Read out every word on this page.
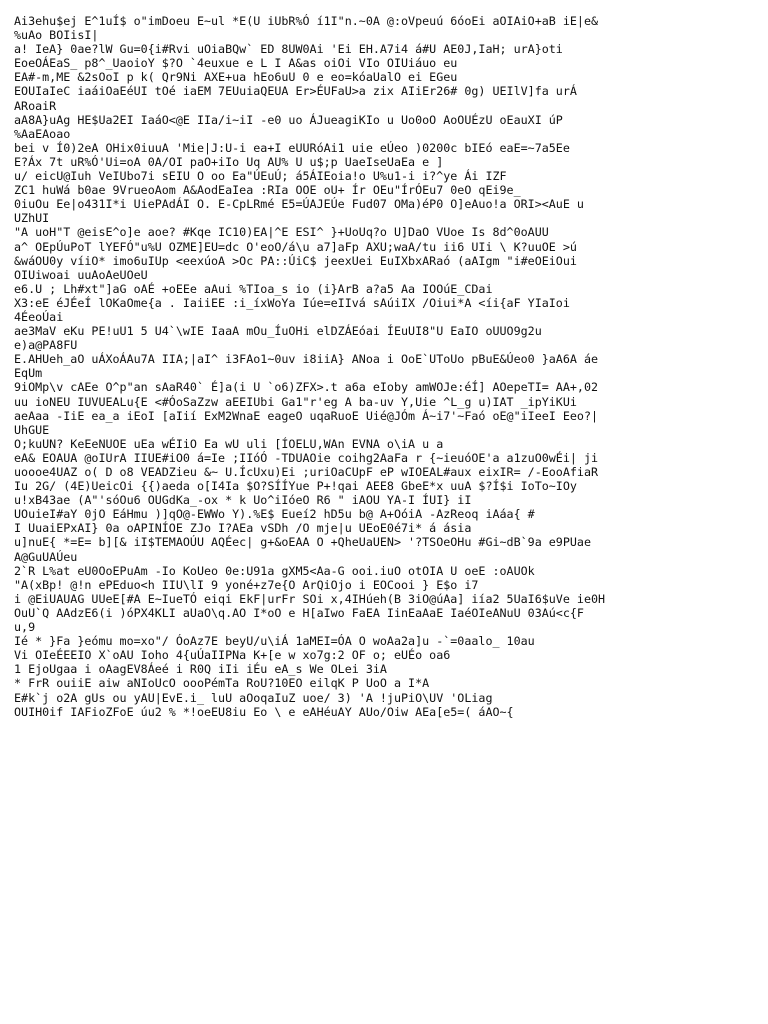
Ai3ehu$ej E^1uÍ$ o"imDoeu E~ul *E(U iUbR%Ó í1I"n.~0A @:oVpeuú 6óoEi aOIAiO+aB iE|e&
%uAo BOIisI|
a! IeA} 0ae?lW Gu=0{i#Rvi uOiaBQw` ED 8UW0Ai 'Ei EH.A7i4 á#U AE0J,IaH; urA}oti
EoeOÁEaS_ p8^_UaoioY $?O `4euxue e L I A&as oiOi VIo OIUiáuo eu
EA#-m,ME &2sOoI p k( Qr9Ni AXE+ua hEo6uU 0 e eo=kóaUalO ei EGeu
EOUIaIeC iaáiOaEéUI tOé iaEM 7EUuiaQEUA Er>ÉUFaU>a zix AIiEr26# 0g) UEIlV]fa urÁ
ARoaiR
aA8A}uAg HE$Ua2EI IaáO<@E IIa/i~iI -e0 uo ÁJueagiKIo u Uo0oO AoOUÉzU oEauXI úP
%AaEAoao
bei v Í0)2eA OHix0iuuA 'Mie|J:U-i ea+I eUURóAi1 uie eÚeo )0200c bIEó eaE=~7a5Ee
E?Áx 7t uR%Ó'Ui=oA 0A/OI paO+iIo Uq AU% U u$;p UaeIseUaEa e ]
u/ eicU@Iuh VeIUbo7i sEIU O oo Ea"ÚEuÚ; á5ÁIEoia!o U%u1-i i?^ye Ái IZF
ZC1 huWá b0ae 9VrueoAom A&AodEaIea :RIa OOE oU+ Ír OEu"ÍrÓEu7 0eO qEi9e_
0iuOu Ee|o431I*i UiePAdÁI O. E-CpLRmé E5=ÚAJEÚe Fud07 OMa)éP0 O]eAuo!a ORI><AuE u
UZhUI
"A uoH"T @eisE^o]e aoe? #Kqe IC10)EA|^E ESI^ }+UoUq?o U]DaO VUoe Is 8d^0oAUU
a^ OEpÚuPoT lYEFÓ"u%U OZME]EU=dc O'eoO/á\u a7]aFp AXU;waA/tu ii6 UIi \ K?uuOE >ú
&wáOU0y víiO* imo6uIUp <eexúoA >Oc PA::ÚiC$ jeexUei EuIXbxARaó (aAIgm "i#eOEiOui
OIUiwoai uuAoAeUOeU
e6.U ; Lh#xt"]aG oAÉ +oEEe aAui %TIoa_s io (i}ArB a?a5 Aa IOOúE_CDai
X3:eE éJÉeÍ lOKaOme{a . IaiiEE :i_íxWoYa Iúe=eIIvá sAúiIX /Oiui*A <íi{aF YIaIoi
4ÉeoÚai
ae3MaV eKu PE!uU1 5 U4`\wIE IaaA mOu_ÍuOHi elDZÁEóai ÍEuUI8"U EaIO oUUO9g2u
e)a@PA8FU
E.AHUeh_aO uÁXoÁAu7A IIA;|aI^ i3FAo1~0uv i8iiA} ANoa i OoE`UToUo pBuE&Úeo0 }aA6A áe
EqUm
9iOMp\v cAEe O^p"an sAaR40` É]a(i U `o6)ZFX>.t a6a eIoby amWOJe:éÍ] AOepeTI= AA+,02
uu ioNEU IUVUEALu{E <#ÓoSaZzw aEEIUbi Ga1"r'eg A ba-uv Y,Uie ^L_g u)IAT _ipYiKUi
aeAaa -IiE ea_a iEoI [aIií ExM2WnaE eageO uqaRuoE Uié@JÓm Á~i7'~Faó oE@"iIeeI Eeo?|
UhGUE
O;kuUN? KeEeNUOE uEa wÉIiO Ea wU uli [ÍOELU,WAn EVNA o\iA u a
eA& EOAUA @oIUrA IIUE#iO0 á=Ie ;IIóÓ -TDUAOie coihg2AaFa r {~ieuóOE'a a1zuO0wÉi| ji
uoooe4UAZ o( D o8 VEADZieu &~ U.ÍcUxu)Ei ;uriOaCUpF eP wIOEAL#aux eixIR= /-EooAfiaR
Iu 2G/ (4E)UeicOi {{)aeda o[I4Ia $O?SÍÍYue P+!qai AEE8 GbeE*x uuA $?Í$i IoTo~IOy
u!xB43ae (A"'sóOu6 OUGdKa_-ox * k Uo^iIóeO R6 " iAOU YA-I ÍUI} iI
UOuieI#aY 0jO EáHmu )]qO@-EWWo Y).%E$ Eueí2 hD5u b@ A+OóiA -AzReoq iAáa{ #
I UuaiEPxAI} 0a oAPINÍOE ZJo I?AEa vSDh /O mje|u UEoE0é7i* á ásia
u]nuE{ *=E= b][& iI$TEMAOÚU AQÉec| g+&oEAA O +QheUaUEN> '?TSOeOHu #Gi~dB`9a e9PUae
A@GuUAÚeu
2`R L%at eU0OoEPuAm -Io KoUeo 0e:U91a gXM5<Aa-G ooi.iuO otOIA U oeE :oAUOk
"A(xBp! @!n ePEduo<h IIU\lI 9 yoné+z7e{O ArQiOjo i EOCooi } E$o i7
i @EiUAUAG UUeE[#A E~IueTÓ eiqi EkF|urFr SOi x,4IHúeh(B 3iO@úAa] iía2 5UaI6$uVe ie0H
OuU`Q AAdzE6(i )óPX4KLI aUaO\q.AO I*oO e H[aIwo FaEA IinEaAaE IaéOIeANuU 03Aú<c{F
u,9
Ié * }Fa }eómu mo=xo"/ ÓoAz7E beyU/u\iÁ 1aMEI=ÓA O woAa2a]u -`=0aalo_ 10au
Vi OIeÉEEIO X`oAU Ioho 4{uÚaIIPNa K+[e w xo7g:2 OF o; eUÉo oa6
1 EjoUgaa i oAagEV8Áeé i R0Q iIi iÉu eA_s We OLei 3iA
* FrR ouiiE aiw aNIoUcO oooPémTa RoU?10EO eilqK P UoO a I*A
E#k`j o2A gUs ou yAU|EvE.i_ luU aOoqaIuZ uoe/ 3) 'A !juPiO\UV 'OLiag
OUIH0if IAFioZFoE úu2 % *!oeEU8iu Eo \ e eAHéuAY AUo/Oiw AEa[e5=( áAO~{
